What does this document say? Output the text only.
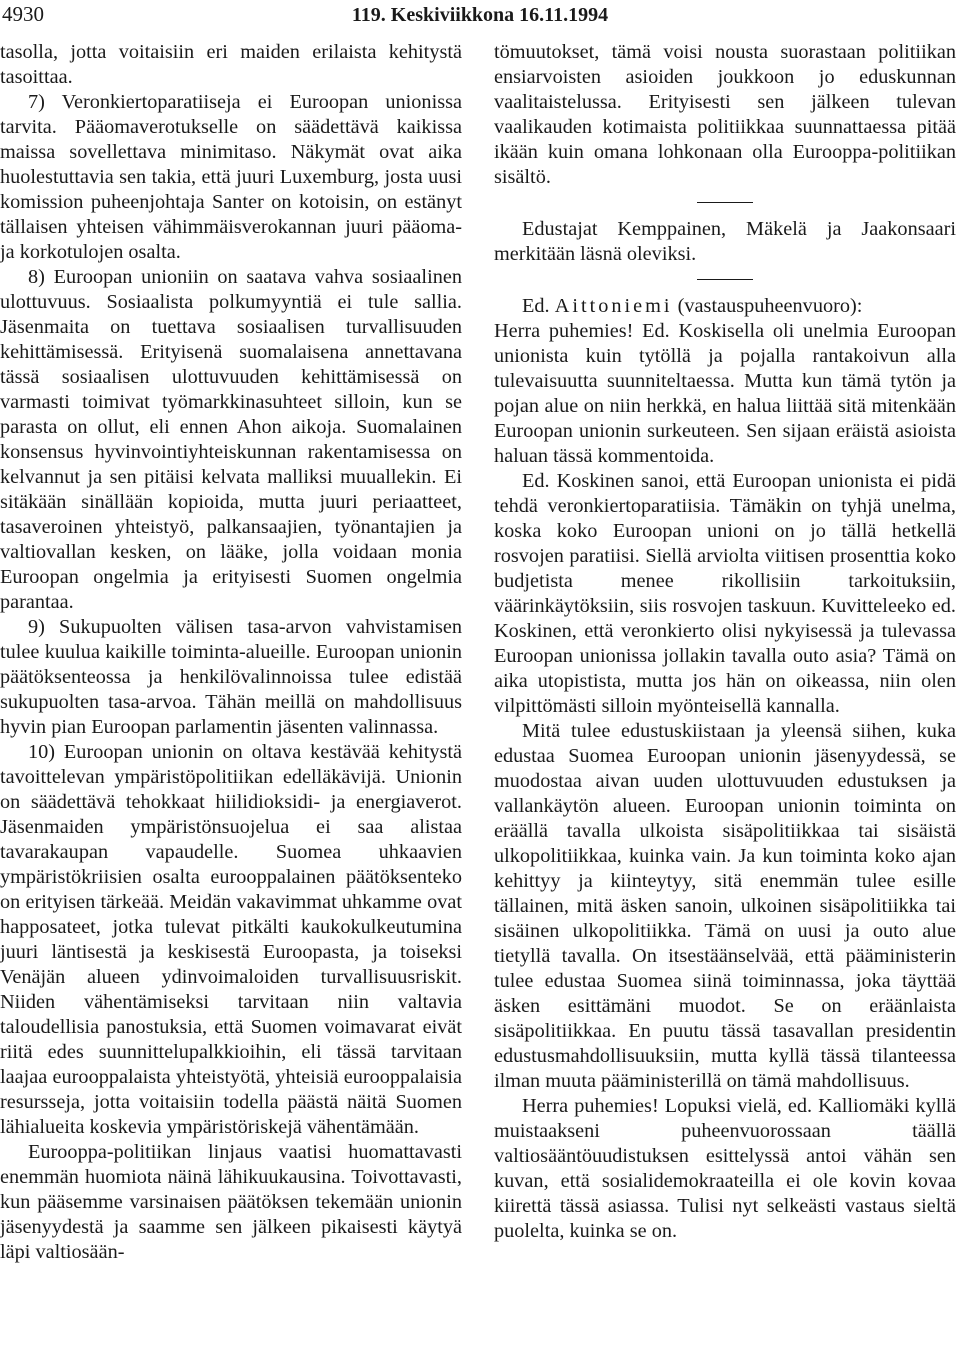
4930	119. Keskiviikkona 16.11.1994

tasolla, jotta voitaisiin eri maiden erilaista kehitystä tasoittaa.

7) Veronkiertoparatiiseja ei Euroopan unionissa tarvita. Pääomaverotukselle on säädettävä kaikissa maissa sovellettava minimitaso. Näkymät ovat aika huolestuttavia sen takia, että juuri Luxemburg, josta uusi komission puheenjohtaja Santer on kotoisin, on estänyt tällaisen yhteisen vähimmäisverokannan juuri pääoma- ja korkotulojen osalta.

8) Euroopan unioniin on saatava vahva sosiaalinen ulottuvuus. Sosiaalista polkumyyntiä ei tule sallia. Jäsenmaita on tuettava sosiaalisen turvallisuuden kehittämisessä. Erityisenä suomalaisena annettavana tässä sosiaalisen ulottuvuuden kehittämisessä on varmasti toimivat työmarkkinasuhteet silloin, kun se parasta on ollut, eli ennen Ahon aikoja. Suomalainen konsensus hyvinvointiyhteiskunnan rakentamisessa on kelvannut ja sen pitäisi kelvata malliksi muuallekin. Ei sitäkään sinällään kopioida, mutta juuri periaatteet, tasaveroinen yhteistyö, palkansaajien, työnantajien ja valtiovallan kesken, on lääke, jolla voidaan monia Euroopan ongelmia ja erityisesti Suomen ongelmia parantaa.

9) Sukupuolten välisen tasa-arvon vahvistamisen tulee kuulua kaikille toiminta-alueille. Euroopan unionin päätöksenteossa ja henkilövalinnoissa tulee edistää sukupuolten tasa-arvoa. Tähän meillä on mahdollisuus hyvin pian Euroopan parlamentin jäsenten valinnassa.

10) Euroopan unionin on oltava kestävää kehitystä tavoittelevan ympäristöpolitiikan edelläkävijä. Unionin on säädettävä tehokkaat hiilidioksidi- ja energiaverot. Jäsenmaiden ympäristönsuojelua ei saa alistaa tavarakaupan vapaudelle. Suomea uhkaavien ympäristökriisien osalta eurooppalainen päätöksenteko on erityisen tärkeää. Meidän vakavimmat uhkamme ovat happosateet, jotka tulevat pitkälti kaukokulkeutumina juuri läntisestä ja keskisestä Euroopasta, ja toiseksi Venäjän alueen ydinvoimaloiden turvallisuusriskit. Niiden vähentämiseksi tarvitaan niin valtavia taloudellisia panostuksia, että Suomen voimavarat eivät riitä edes suunnittelupalkkioihin, eli tässä tarvitaan laajaa eurooppalaista yhteistyötä, yhteisiä eurooppalaisia resursseja, jotta voitaisiin todella päästä näitä Suomen lähialueita koskevia ympäristöriskejä vähentämään.

Eurooppa-politiikan linjaus vaatisi huomattavasti enemmän huomiota näinä lähikuukausina. Toivottavasti, kun pääsemme varsinaisen päätöksen tekemään unionin jäsenyydestä ja saamme sen jälkeen pikaisesti käytyä läpi valtiosään-

tömuutokset, tämä voisi nousta suorastaan politiikan ensiarvoisten asioiden joukkoon jo eduskunnan vaalitaistelussa. Erityisesti sen jälkeen tulevan vaalikauden kotimaista politiikkaa suunnattaessa pitää ikään kuin omana lohkonaan olla Eurooppa-politiikan sisältö.

Edustajat Kemppainen, Mäkelä ja Jaakonsaari merkitään läsnä oleviksi.

Ed. Aittoniemi (vastauspuheenvuoro):

Herra puhemies! Ed. Koskisella oli unelmia Euroopan unionista kuin tytöllä ja pojalla rantakoivun alla tulevaisuutta suunniteltaessa. Mutta kun tämä tytön ja pojan alue on niin herkkä, en halua liittää sitä mitenkään Euroopan unionin surkeuteen. Sen sijaan eräistä asioista haluan tässä kommentoida.

Ed. Koskinen sanoi, että Euroopan unionista ei pidä tehdä veronkiertoparatiisia. Tämäkin on tyhjä unelma, koska koko Euroopan unioni on jo tällä hetkellä rosvojen paratiisi. Siellä arviolta viitisen prosenttia koko budjetista menee rikollisiin tarkoituksiin, väärinkäytöksiin, siis rosvojen taskuun. Kuvitteleeko ed. Koskinen, että veronkierto olisi nykyisessä ja tulevassa Euroopan unionissa jollakin tavalla outo asia? Tämä on aika utopistista, mutta jos hän on oikeassa, niin olen vilpittömästi silloin myönteisellä kannalla.

Mitä tulee edustuskiistaan ja yleensä siihen, kuka edustaa Suomea Euroopan unionin jäsenyydessä, se muodostaa aivan uuden ulottuvuuden edustuksen ja vallankäytön alueen. Euroopan unionin toiminta on eräällä tavalla ulkoista sisäpolitiikkaa tai sisäistä ulkopolitiikkaa, kuinka vain. Ja kun toiminta koko ajan kehittyy ja kiinteytyy, sitä enemmän tulee esille tällainen, mitä äsken sanoin, ulkoinen sisäpolitiikka tai sisäinen ulkopolitiikka. Tämä on uusi ja outo alue tietyllä tavalla. On itsestäänselvää, että pääministerin tulee edustaa Suomea siinä toiminnassa, joka täyttää äsken esittämäni muodot. Se on eräänlaista sisäpolitiikkaa. En puutu tässä tasavallan presidentin edustusmahdollisuuksiin, mutta kyllä tässä tilanteessa ilman muuta pääministerillä on tämä mahdollisuus.

Herra puhemies! Lopuksi vielä, ed. Kalliomäki kyllä muistaakseni puheenvuorossaan täällä valtiosääntöuudistuksen esittelyssä antoi vähän sen kuvan, että sosialidemokraateilla ei ole kovin kovaa kiirettä tässä asiassa. Tulisi nyt selkeästi vastaus sieltä puolelta, kuinka se on.
